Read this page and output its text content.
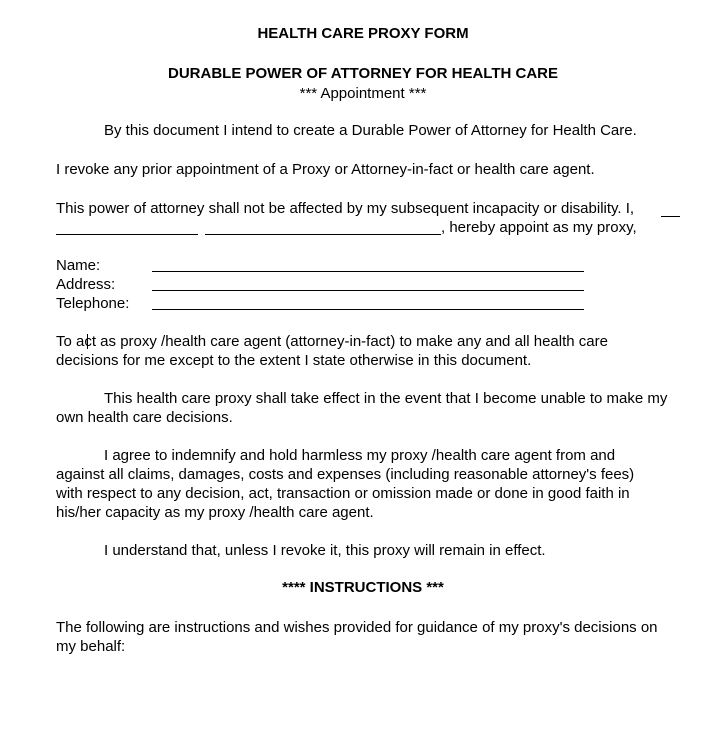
HEALTH CARE PROXY FORM
DURABLE POWER OF ATTORNEY FOR HEALTH CARE
*** Appointment ***
By this document I intend to create a Durable Power of Attorney for Health Care.
I revoke any prior appointment of a Proxy or Attorney-in-fact or health care agent.
This power of attorney shall not be affected by my subsequent incapacity or disability. I,
, hereby appoint as my proxy,
Name:
Address:
Telephone:
To act as proxy /health care agent (attorney-in-fact) to make any and all health care
decisions for me except to the extent I state otherwise in this document.
This health care proxy shall take effect in the event that I become unable to make my
own health care decisions.
I agree to indemnify and hold harmless my proxy /health care agent from and
against all claims, damages, costs and expenses (including reasonable attorney's fees)
with respect to any decision, act, transaction or omission made or done in good faith in
his/her capacity as my proxy /health care agent.
I understand that, unless I revoke it, this proxy will remain in effect.
**** INSTRUCTIONS ***
The following are instructions and wishes provided for guidance of my proxy's decisions on
my behalf:
